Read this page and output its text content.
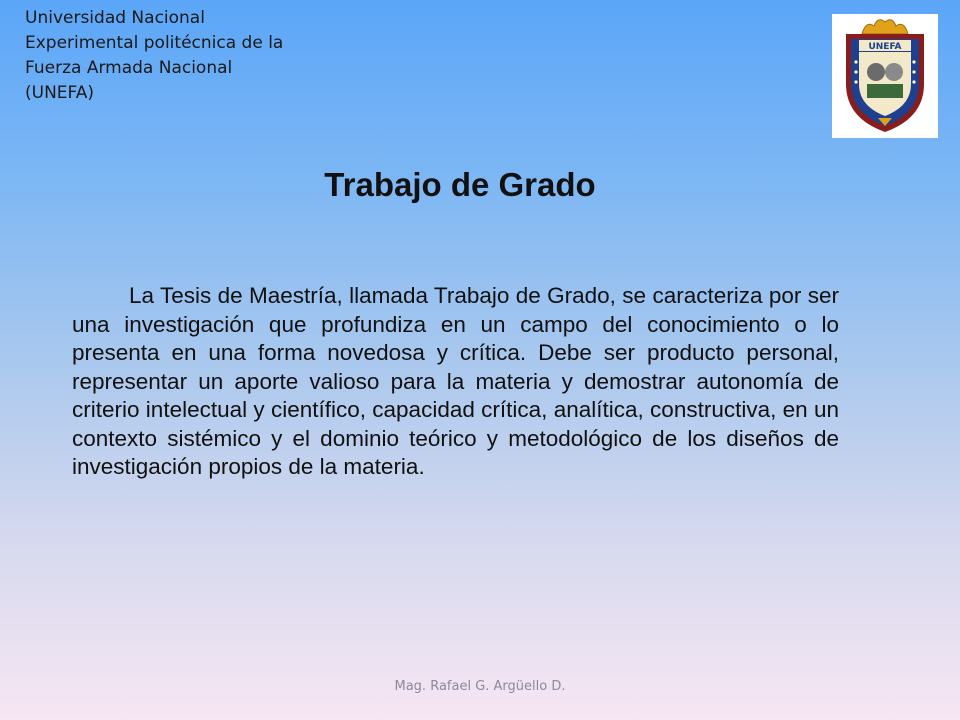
Universidad Nacional
Experimental politécnica de la
Fuerza Armada Nacional
(UNEFA)
UNEFA
Trabajo de Grado

La Tesis de Maestría, llamada Trabajo de Grado, se caracteriza por ser una investigación que profundiza en un campo del conocimiento o lo presenta en una forma novedosa y crítica. Debe ser producto personal, representar un aporte valioso para la materia y demostrar autonomía de criterio intelectual y científico, capacidad crítica, analítica, constructiva, en un contexto sistémico y el dominio teórico y metodológico de los diseños de investigación propios de la materia.

Mag. Rafael G. Argüello D.
